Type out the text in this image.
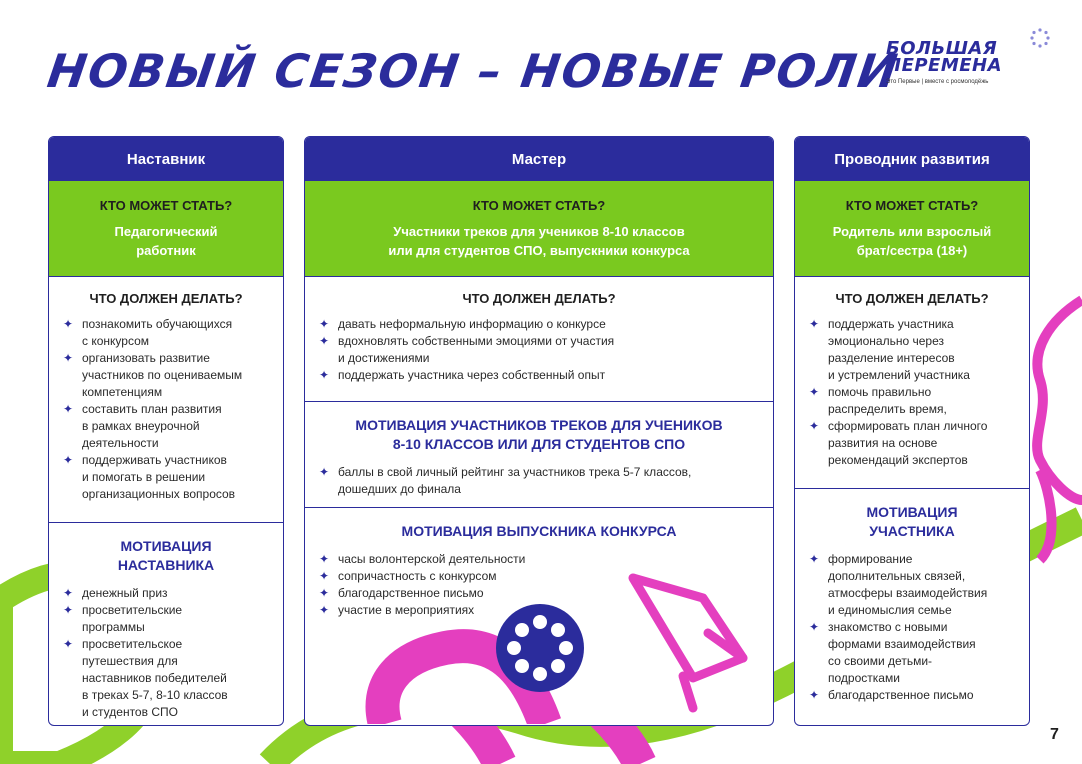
НОВЫЙ СЕЗОН – НОВЫЕ РОЛИ
БОЛЬШАЯ
ПЕРЕМЕНА
Это Первые | вместе с росмолодёжь
Наставник
КТО МОЖЕТ СТАТЬ?
Педагогический
работник
ЧТО ДОЛЖЕН ДЕЛАТЬ?
✦ познакомить обучающихся
с конкурсом
✦ организовать развитие
участников по оцениваемым
компетенциям
✦ составить план развития
в рамках внеурочной
деятельности
✦ поддерживать участников
и помогать в решении
организационных вопросов
МОТИВАЦИЯ
НАСТАВНИКА
✦ денежный приз
✦ просветительские
программы
✦ просветительское
путешествия для
наставников победителей
в треках 5-7, 8-10 классов
и студентов СПО
Мастер
КТО МОЖЕТ СТАТЬ?
Участники треков для учеников 8-10 классов
или для студентов СПО, выпускники конкурса
ЧТО ДОЛЖЕН ДЕЛАТЬ?
✦ давать неформальную информацию о конкурсе
✦ вдохновлять собственными эмоциями от участия
и достижениями
✦ поддержать участника через собственный опыт
МОТИВАЦИЯ УЧАСТНИКОВ ТРЕКОВ ДЛЯ УЧЕНИКОВ
8-10 КЛАССОВ ИЛИ ДЛЯ СТУДЕНТОВ СПО
✦ баллы в свой личный рейтинг за участников трека 5-7 классов,
дошедших до финала
МОТИВАЦИЯ ВЫПУСКНИКА КОНКУРСА
✦ часы волонтерской деятельности
✦ сопричастность с конкурсом
✦ благодарственное письмо
✦ участие в мероприятиях
Проводник развития
КТО МОЖЕТ СТАТЬ?
Родитель или взрослый
брат/сестра (18+)
ЧТО ДОЛЖЕН ДЕЛАТЬ?
✦ поддержать участника
эмоционально через
разделение интересов
и устремлений участника
✦ помочь правильно
распределить время,
✦ сформировать план личного
развития на основе
рекомендаций экспертов
МОТИВАЦИЯ
УЧАСТНИКА
✦ формирование
дополнительных связей,
атмосферы взаимодействия
и единомыслия семье
✦ знакомство с новыми
формами взаимодействия
со своими детьми-
подростками
✦ благодарственное письмо
7
